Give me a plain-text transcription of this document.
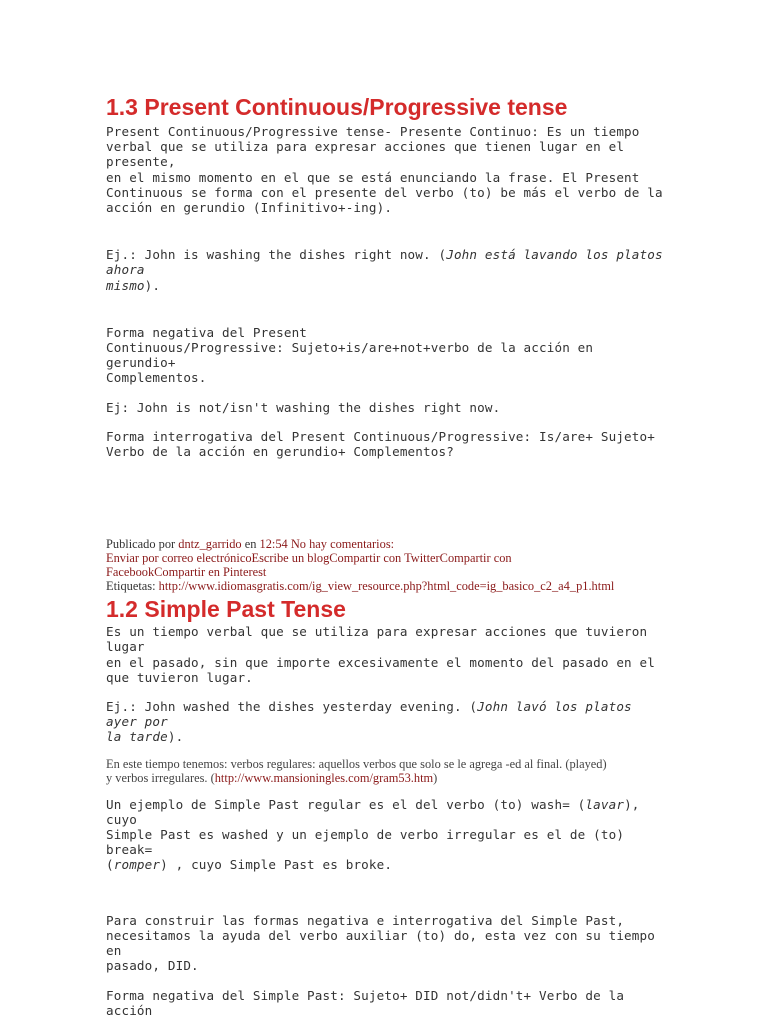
1.3 Present Continuous/Progressive tense
Present Continuous/Progressive tense- Presente Continuo: Es un tiempo
verbal que se utiliza para expresar acciones que tienen lugar en el presente,
en el mismo momento en el que se está enunciando la frase. El Present
Continuous se forma con el presente del verbo (to) be más el verbo de la
acción en gerundio (Infinitivo+-ing).
Ej.: John is washing the dishes right now. (John está lavando los platos ahora
mismo).
Forma negativa del Present
Continuous/Progressive: Sujeto+is/are+not+verbo de la acción en gerundio+
Complementos.
Ej: John is not/isn't washing the dishes right now.
Forma interrogativa del Present Continuous/Progressive: Is/are+ Sujeto+
Verbo de la acción en gerundio+ Complementos?
Publicado por dntz_garrido en 12:54 No hay comentarios:
Enviar por correo electrónicoEscribe un blogCompartir con TwitterCompartir con
FacebookCompartir en Pinterest
Etiquetas: http://www.idiomasgratis.com/ig_view_resource.php?html_code=ig_basico_c2_a4_p1.html
1.2 Simple Past Tense
Es un tiempo verbal que se utiliza para expresar acciones que tuvieron lugar
en el pasado, sin que importe excesivamente el momento del pasado en el
que tuvieron lugar.
Ej.: John washed the dishes yesterday evening. (John lavó los platos ayer por
la tarde).
En este tiempo tenemos: verbos regulares: aquellos verbos que solo se le agrega -ed al final. (played)
y verbos irregulares. (http://www.mansioningles.com/gram53.htm)
Un ejemplo de Simple Past regular es el del verbo (to) wash= (lavar), cuyo
Simple Past es washed y un ejemplo de verbo irregular es el de (to) break=
(romper) , cuyo Simple Past es broke.
Para construir las formas negativa e interrogativa del Simple Past,
necesitamos la ayuda del verbo auxiliar (to) do, esta vez con su tiempo en
pasado, DID.
Forma negativa del Simple Past: Sujeto+ DID not/didn't+ Verbo de la acción
